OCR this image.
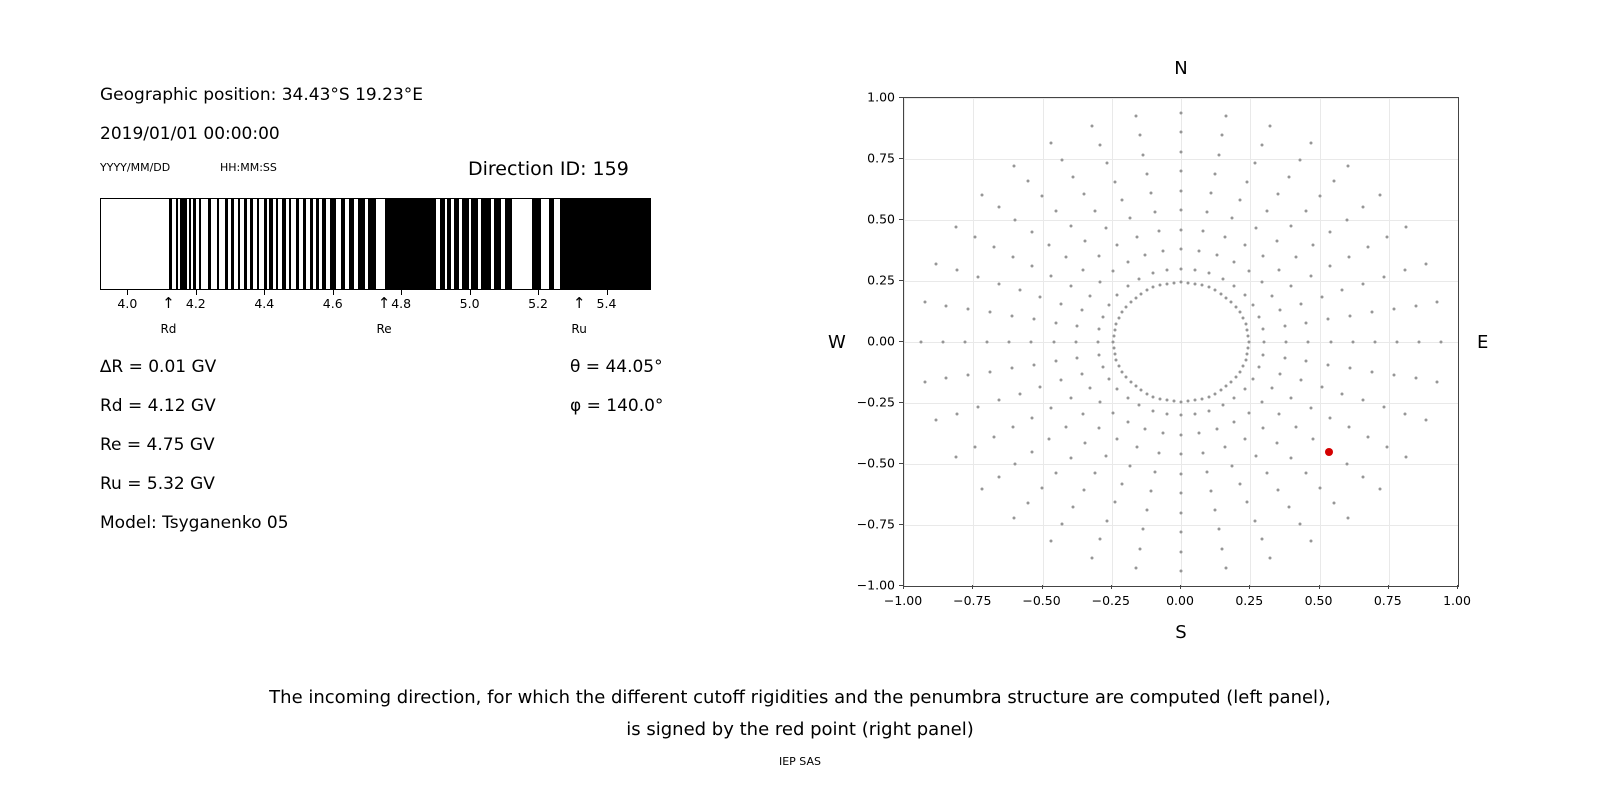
Geographic position: 34.43°S 19.23°E
2019/01/01 00:00:00
YYYY/MM/DD	HH:MM:SS	Direction ID: 159
4.0	4.2	4.4	4.6	4.8	5.0	5.2	5.4
↑
Rd
↑
Re
↑
Ru
∆R = 0.01 GV
Rd = 4.12 GV
Re = 4.75 GV
Ru = 5.32 GV
Model: Tsyganenko 05
θ = 44.05°
φ = 140.0°
N
S
W	E
−1.00
−0.75
−0.50
−0.25
0.00
0.25
0.50
0.75
1.00
−1.00 −0.75 −0.50 −0.25	0.00	0.25	0.50	0.75	1.00
The incoming direction, for which the different cutoff rigidities and the penumbra structure are computed (left panel),
is signed by the red point (right panel)
IEP SAS
